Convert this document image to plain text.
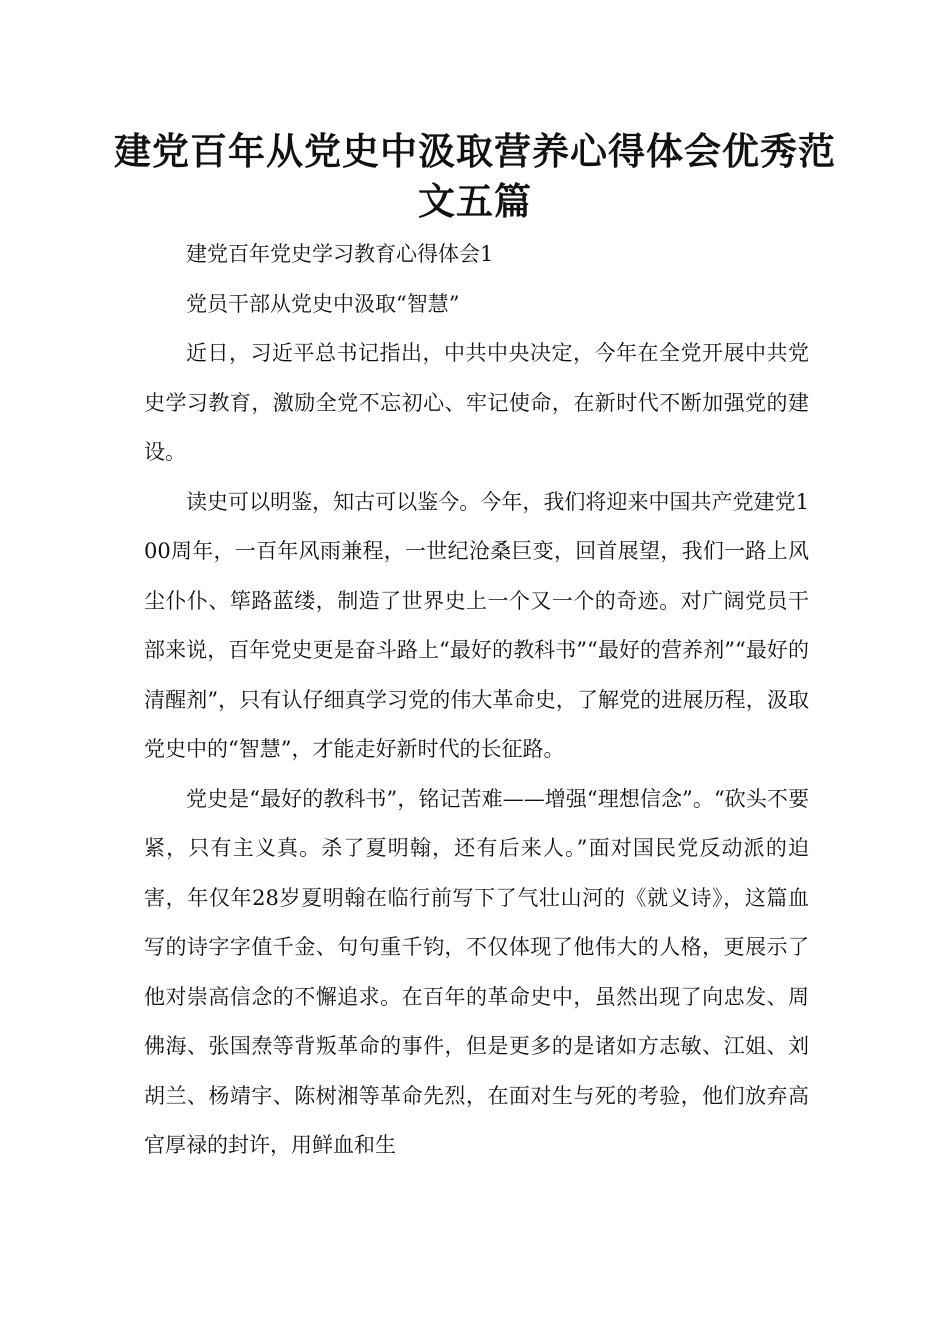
建党百年从党史中汲取营养心得体会优秀范文五篇

建党百年党史学习教育心得体会1

党员干部从党史中汲取“智慧”

近日，习近平总书记指出，中共中央决定，今年在全党开展中共党史学习教育，激励全党不忘初心、牢记使命，在新时代不断加强党的建设。

读史可以明鉴，知古可以鉴今。今年，我们将迎来中国共产党建党100周年，一百年风雨兼程，一世纪沧桑巨变，回首展望，我们一路上风尘仆仆、筚路蓝缕，制造了世界史上一个又一个的奇迹。对广阔党员干部来说，百年党史更是奋斗路上“最好的教科书”“最好的营养剂”“最好的清醒剂”，只有认仔细真学习党的伟大革命史，了解党的进展历程，汲取党史中的“智慧”，才能走好新时代的长征路。

党史是“最好的教科书”，铭记苦难——增强“理想信念”。“砍头不要紧，只有主义真。杀了夏明翰，还有后来人。”面对国民党反动派的迫害，年仅年28岁夏明翰在临行前写下了气壮山河的《就义诗》，这篇血写的诗字字值千金、句句重千钧，不仅体现了他伟大的人格，更展示了他对崇高信念的不懈追求。在百年的革命史中，虽然出现了向忠发、周佛海、张国焘等背叛革命的事件，但是更多的是诸如方志敏、江姐、刘胡兰、杨靖宇、陈树湘等革命先烈，在面对生与死的考验，他们放弃高官厚禄的封许，用鲜血和生
